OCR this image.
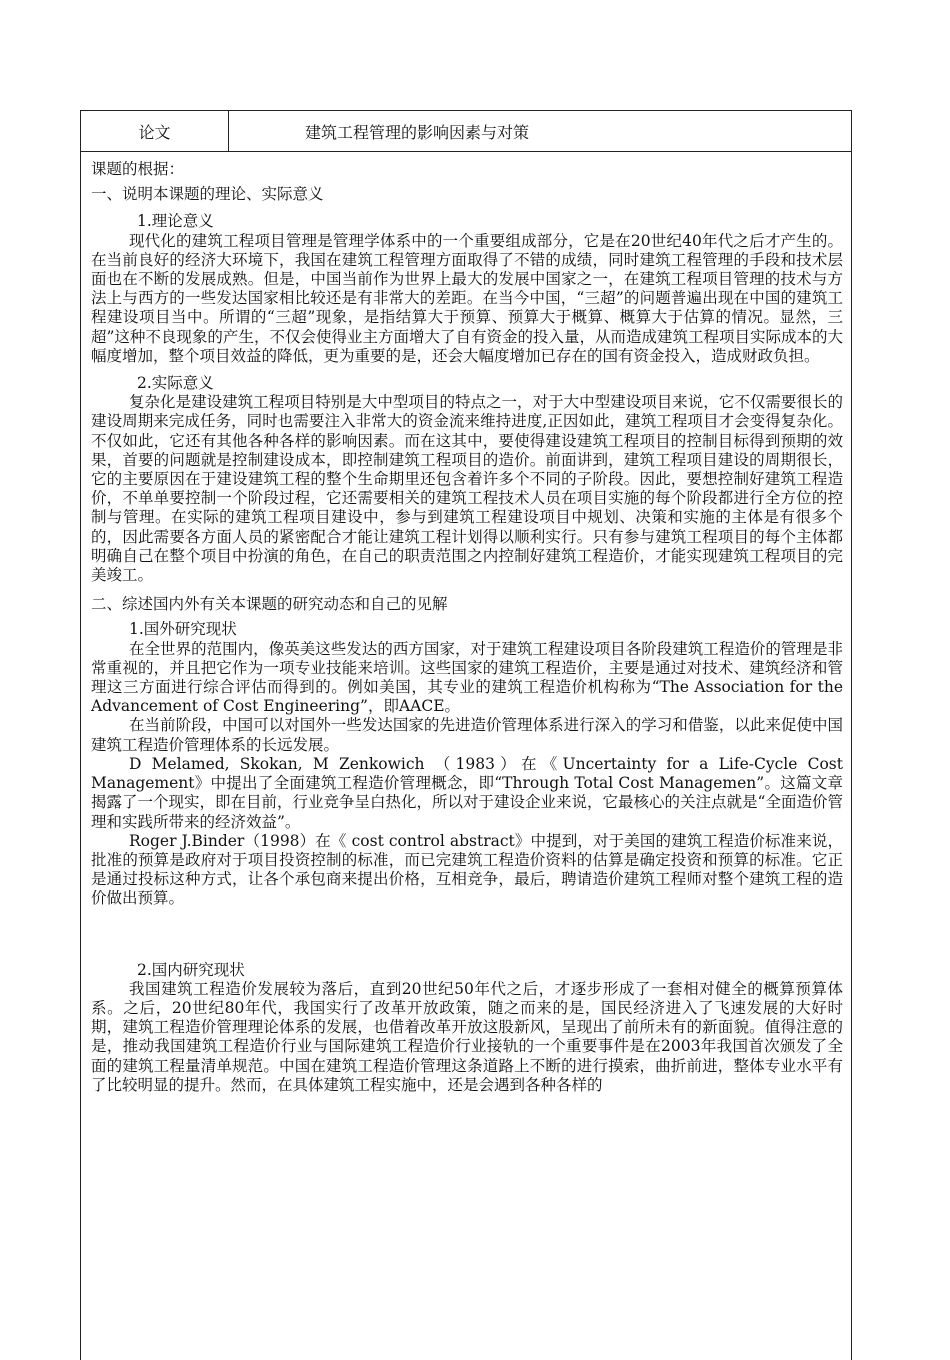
论文	建筑工程管理的影响因素与对策

课题的根据：

一、说明本课题的理论、实际意义

1.理论意义

现代化的建筑工程项目管理是管理学体系中的一个重要组成部分，它是在20世纪40年代之后才产生的。在当前良好的经济大环境下，我国在建筑工程管理方面取得了不错的成绩，同时建筑工程管理的手段和技术层面也在不断的发展成熟。但是，中国当前作为世界上最大的发展中国家之一，在建筑工程项目管理的技术与方法上与西方的一些发达国家相比较还是有非常大的差距。在当今中国，“三超”的问题普遍出现在中国的建筑工程建设项目当中。所谓的“三超”现象，是指结算大于预算、预算大于概算、概算大于估算的情况。显然，三超”这种不良现象的产生，不仅会使得业主方面增大了自有资金的投入量，从而造成建筑工程项目实际成本的大幅度增加，整个项目效益的降低，更为重要的是，还会大幅度增加已存在的国有资金投入，造成财政负担。

2.实际意义

复杂化是建设建筑工程项目特别是大中型项目的特点之一，对于大中型建设项目来说，它不仅需要很长的建设周期来完成任务，同时也需要注入非常大的资金流来维持进度,正因如此，建筑工程项目才会变得复杂化。不仅如此，它还有其他各种各样的影响因素。而在这其中，要使得建设建筑工程项目的控制目标得到预期的效果，首要的问题就是控制建设成本，即控制建筑工程项目的造价。前面讲到，建筑工程项目建设的周期很长，它的主要原因在于建设建筑工程的整个生命期里还包含着许多个不同的子阶段。因此，要想控制好建筑工程造价，不单单要控制一个阶段过程，它还需要相关的建筑工程技术人员在项目实施的每个阶段都进行全方位的控制与管理。在实际的建筑工程项目建设中，参与到建筑工程建设项目中规划、决策和实施的主体是有很多个的，因此需要各方面人员的紧密配合才能让建筑工程计划得以顺利实行。只有参与建筑工程项目的每个主体都明确自己在整个项目中扮演的角色，在自己的职责范围之内控制好建筑工程造价，才能实现建筑工程项目的完美竣工。

二、综述国内外有关本课题的研究动态和自己的见解

1.国外研究现状

在全世界的范围内，像英美这些发达的西方国家，对于建筑工程建设项目各阶段建筑工程造价的管理是非常重视的，并且把它作为一项专业技能来培训。这些国家的建筑工程造价，主要是通过对技术、建筑经济和管理这三方面进行综合评估而得到的。例如美国，其专业的建筑工程造价机构称为“The Association for the Advancement of Cost Engineering”，即AACE。

在当前阶段，中国可以对国外一些发达国家的先进造价管理体系进行深入的学习和借鉴，以此来促使中国建筑工程造价管理体系的长远发展。

D Melamed, Skokan, M Zenkowich （1983）在《Uncertainty for a Life-Cycle Cost Management》中提出了全面建筑工程造价管理概念，即“Through Total Cost Managemen”。这篇文章揭露了一个现实，即在目前，行业竞争呈白热化，所以对于建设企业来说，它最核心的关注点就是“全面造价管理和实践所带来的经济效益”。

Roger J.Binder（1998）在《 cost control abstract》中提到，对于美国的建筑工程造价标准来说，批准的预算是政府对于项目投资控制的标准，而已完建筑工程造价资料的估算是确定投资和预算的标准。它正是通过投标这种方式，让各个承包商来提出价格，互相竞争，最后，聘请造价建筑工程师对整个建筑工程的造价做出预算。

2.国内研究现状

我国建筑工程造价发展较为落后，直到20世纪50年代之后，才逐步形成了一套相对健全的概算预算体系。之后，20世纪80年代，我国实行了改革开放政策，随之而来的是，国民经济进入了飞速发展的大好时期，建筑工程造价管理理论体系的发展，也借着改革开放这股新风，呈现出了前所未有的新面貌。值得注意的是，推动我国建筑工程造价行业与国际建筑工程造价行业接轨的一个重要事件是在2003年我国首次颁发了全面的建筑工程量清单规范。中国在建筑工程造价管理这条道路上不断的进行摸索，曲折前进，整体专业水平有了比较明显的提升。然而，在具体建筑工程实施中，还是会遇到各种各样的
